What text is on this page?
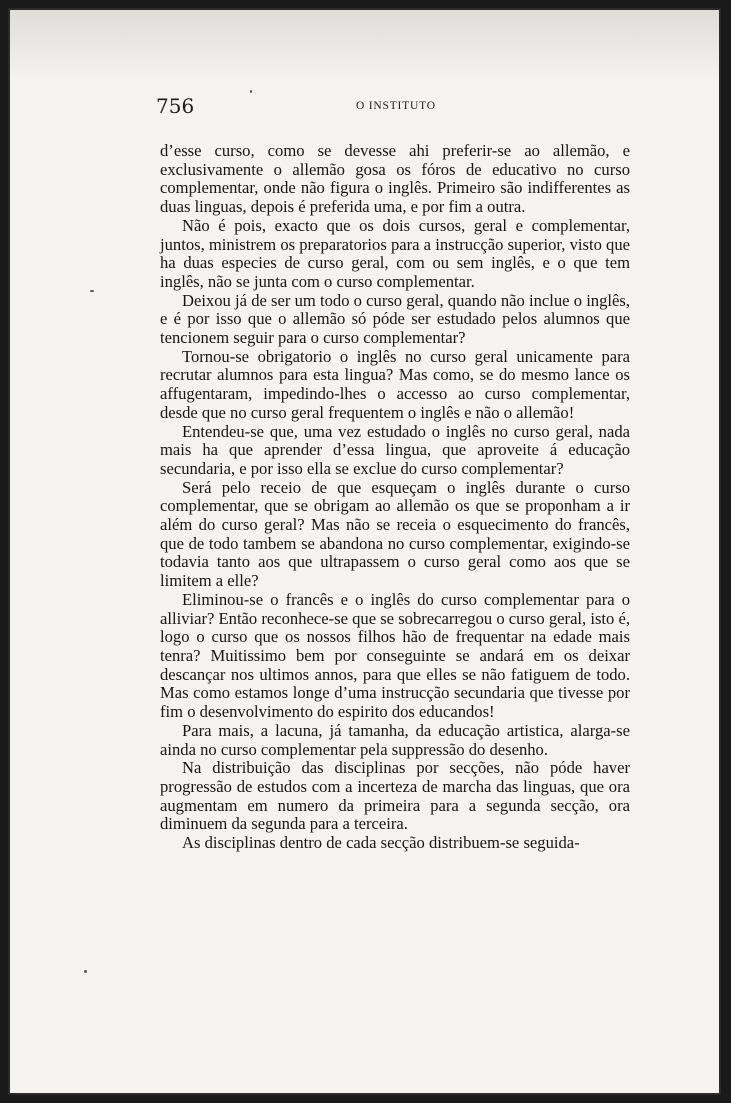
756	O INSTITUTO

d’esse curso, como se devesse ahi preferir-se ao allemão, e exclusivamente o allemão gosa os fóros de educativo no curso complementar, onde não figura o inglês. Primeiro são indifferentes as duas linguas, depois é preferida uma, e por fim a outra.

Não é pois, exacto que os dois cursos, geral e complementar, juntos, ministrem os preparatorios para a instrucção superior, visto que ha duas especies de curso geral, com ou sem inglês, e o que tem inglês, não se junta com o curso complementar.

Deixou já de ser um todo o curso geral, quando não inclue o inglês, e é por isso que o allemão só póde ser estudado pelos alumnos que tencionem seguir para o curso complementar?

Tornou-se obrigatorio o inglês no curso geral unicamente para recrutar alumnos para esta lingua? Mas como, se do mesmo lance os affugentaram, impedindo-lhes o accesso ao curso complementar, desde que no curso geral frequentem o inglês e não o allemão!

Entendeu-se que, uma vez estudado o inglês no curso geral, nada mais ha que aprender d’essa lingua, que aproveite á educação secundaria, e por isso ella se exclue do curso complementar?

Será pelo receio de que esqueçam o inglês durante o curso complementar, que se obrigam ao allemão os que se proponham a ir além do curso geral? Mas não se receia o esquecimento do francês, que de todo tambem se abandona no curso complementar, exigindo-se todavia tanto aos que ultrapassem o curso geral como aos que se limitem a elle?

Eliminou-se o francês e o inglês do curso complementar para o alliviar? Então reconhece-se que se sobrecarregou o curso geral, isto é, logo o curso que os nossos filhos hão de frequentar na edade mais tenra? Muitissimo bem por conseguinte se andará em os deixar descançar nos ultimos annos, para que elles se não fatiguem de todo. Mas como estamos longe d’uma instrucção secundaria que tivesse por fim o desenvolvimento do espirito dos educandos!

Para mais, a lacuna, já tamanha, da educação artistica, alarga-se ainda no curso complementar pela suppressão do desenho.

Na distribuição das disciplinas por secções, não póde haver progressão de estudos com a incerteza de marcha das linguas, que ora augmentam em numero da primeira para a segunda secção, ora diminuem da segunda para a terceira.

As disciplinas dentro de cada secção distribuem-se seguida-
